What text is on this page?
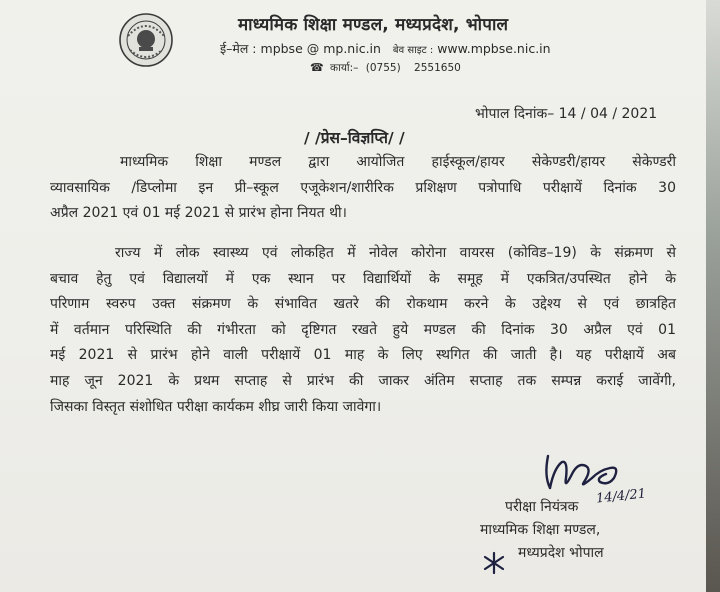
माध्यमिक शिक्षा मण्डल, मध्यप्रदेश, भोपाल
ई–मेल : mpbse @ mp.nic.in बेव साइट : www.mpbse.nic.in
☎ कार्या:– (0755) 2551650
भोपाल दिनांक– 14 / 04 / 2021
/ /प्रेस–विज्ञप्ति/ /
माध्यमिक शिक्षा मण्डल द्वारा आयोजित हाईस्कूल/हायर सेकेण्डरी/हायर सेकेण्डरी
व्यावसायिक /डिप्लोमा इन प्री–स्कूल एजूकेशन/शारीरिक प्रशिक्षण पत्रोपाधि परीक्षायें दिनांक 30
अप्रैल 2021 एवं 01 मई 2021 से प्रारंभ होना नियत थी।
राज्य में लोक स्वास्थ्य एवं लोकहित में नोवेल कोरोना वायरस (कोविड–19) के संक्रमण से
बचाव हेतु एवं विद्यालयों में एक स्थान पर विद्यार्थियों के समूह में एकत्रित/उपस्थित होने के
परिणाम स्वरुप उक्त संक्रमण के संभावित खतरे की रोकथाम करने के उद्देश्य से एवं छात्रहित
में वर्तमान परिस्थिति की गंभीरता को दृष्टिगत रखते हुये मण्डल की दिनांक 30 अप्रैल एवं 01
मई 2021 से प्रारंभ होने वाली परीक्षायें 01 माह के लिए स्थगित की जाती है। यह परीक्षायें अब
माह जून 2021 के प्रथम सप्ताह से प्रारंभ की जाकर अंतिम सप्ताह तक सम्पन्न कराई जावेंगी,
जिसका विस्तृत संशोधित परीक्षा कार्यकम शीघ्र जारी किया जावेगा।
14/4/21
परीक्षा नियंत्रक
माध्यमिक शिक्षा मण्डल,
मध्यप्रदेश भोपाल
